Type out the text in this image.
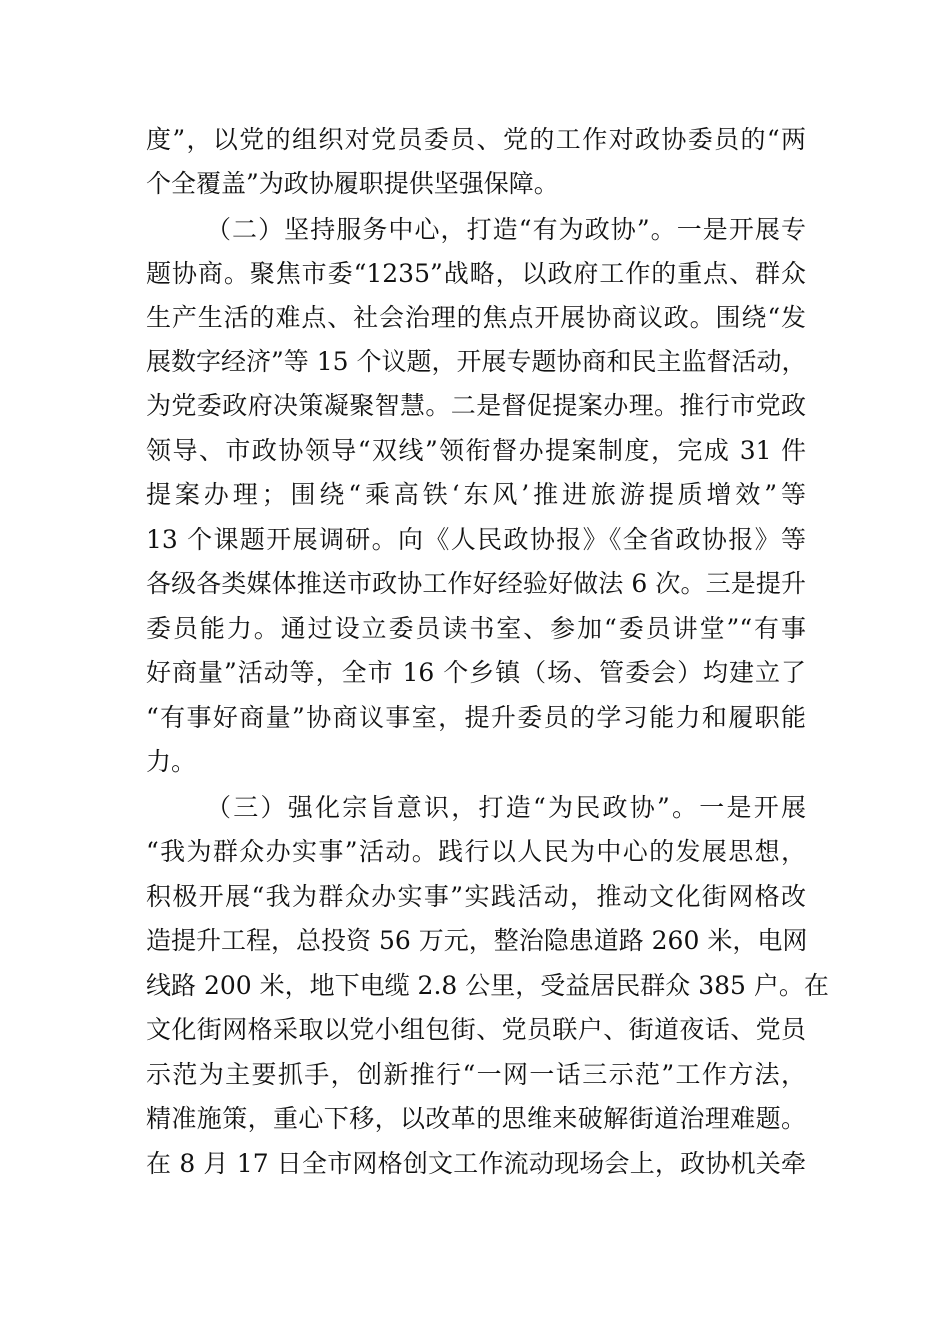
度”，以党的组织对党员委员、党的工作对政协委员的“两
个全覆盖”为政协履职提供坚强保障。
（二）坚持服务中心，打造“有为政协”。一是开展专
题协商。聚焦市委“1235”战略，以政府工作的重点、群众
生产生活的难点、社会治理的焦点开展协商议政。围绕“发
展数字经济”等 15 个议题，开展专题协商和民主监督活动，
为党委政府决策凝聚智慧。二是督促提案办理。推行市党政
领导、市政协领导“双线”领衔督办提案制度，完成 31 件
提案办理；围绕“乘高铁‘东风’推进旅游提质增效”等
13 个课题开展调研。向《人民政协报》《全省政协报》等
各级各类媒体推送市政协工作好经验好做法 6 次。三是提升
委员能力。通过设立委员读书室、参加“委员讲堂”“有事
好商量”活动等，全市 16 个乡镇（场、管委会）均建立了
“有事好商量”协商议事室，提升委员的学习能力和履职能
力。
（三）强化宗旨意识，打造“为民政协”。一是开展
“我为群众办实事”活动。践行以人民为中心的发展思想，
积极开展“我为群众办实事”实践活动，推动文化街网格改
造提升工程，总投资 56 万元，整治隐患道路 260 米，电网
线路 200 米，地下电缆 2.8 公里，受益居民群众 385 户。在
文化街网格采取以党小组包街、党员联户、街道夜话、党员
示范为主要抓手，创新推行“一网一话三示范”工作方法，
精准施策，重心下移，以改革的思维来破解街道治理难题。
在 8 月 17 日全市网格创文工作流动现场会上，政协机关牵
